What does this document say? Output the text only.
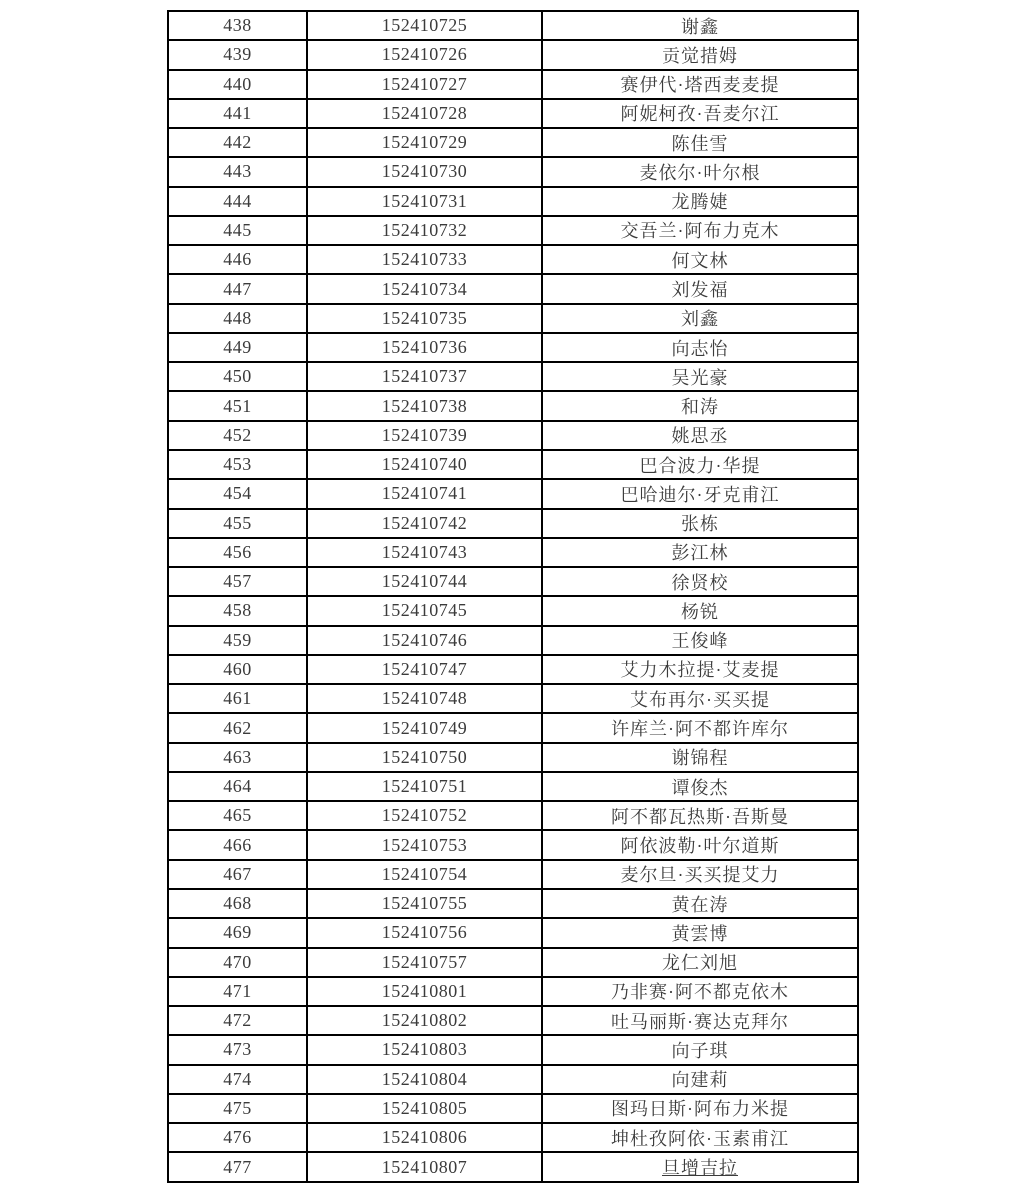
438	152410725	谢鑫
439	152410726	贡觉措姆
440	152410727	赛伊代·塔西麦麦提
441	152410728	阿妮柯孜·吾麦尔江
442	152410729	陈佳雪
443	152410730	麦依尔·叶尔根
444	152410731	龙腾婕
445	152410732	交吾兰·阿布力克木
446	152410733	何文林
447	152410734	刘发福
448	152410735	刘鑫
449	152410736	向志怡
450	152410737	吴光豪
451	152410738	和涛
452	152410739	姚思丞
453	152410740	巴合波力·华提
454	152410741	巴哈迪尔·牙克甫江
455	152410742	张栋
456	152410743	彭江林
457	152410744	徐贤校
458	152410745	杨锐
459	152410746	王俊峰
460	152410747	艾力木拉提·艾麦提
461	152410748	艾布再尔·买买提
462	152410749	许库兰·阿不都许库尔
463	152410750	谢锦程
464	152410751	谭俊杰
465	152410752	阿不都瓦热斯·吾斯曼
466	152410753	阿依波勒·叶尔道斯
467	152410754	麦尔旦·买买提艾力
468	152410755	黄在涛
469	152410756	黄雲博
470	152410757	龙仁刘旭
471	152410801	乃非赛·阿不都克依木
472	152410802	吐马丽斯·赛达克拜尔
473	152410803	向子琪
474	152410804	向建莉
475	152410805	图玛日斯·阿布力米提
476	152410806	坤杜孜阿依·玉素甫江
477	152410807	旦增吉拉
